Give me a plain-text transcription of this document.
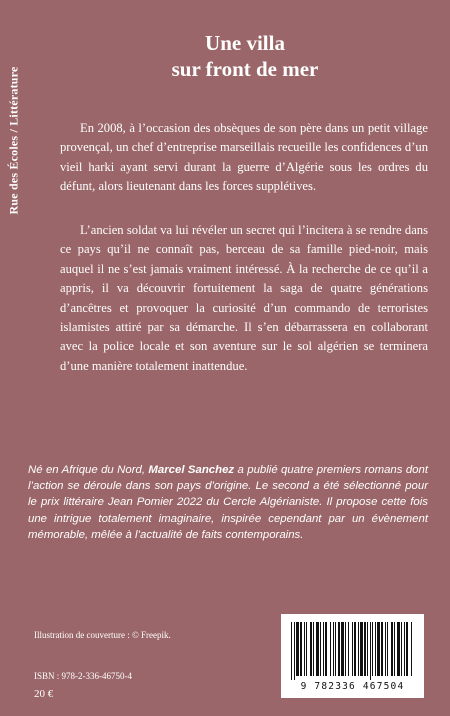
Rue des Écoles / Littérature
Une villa
sur front de mer

En 2008, à l’occasion des obsèques de son père dans un petit village provençal, un chef d’entreprise marseillais recueille les confidences d’un vieil harki ayant servi durant la guerre d’Algérie sous les ordres du défunt, alors lieutenant dans les forces supplétives.

L’ancien soldat va lui révéler un secret qui l’incitera à se rendre dans ce pays qu’il ne connaît pas, berceau de sa famille pied-noir, mais auquel il ne s’est jamais vraiment intéressé. À la recherche de ce qu’il a appris, il va découvrir fortuitement la saga de quatre générations d’ancêtres et provoquer la curiosité d’un commando de terroristes islamistes attiré par sa démarche. Il s’en débarrassera en collaborant avec la police locale et son aventure sur le sol algérien se terminera d’une manière totalement inattendue.

Né en Afrique du Nord, Marcel Sanchez a publié quatre premiers romans dont l’action se déroule dans son pays d’origine. Le second a été sélectionné pour le prix littéraire Jean Pomier 2022 du Cercle Algérianiste. Il propose cette fois une intrigue totalement imaginaire, inspirée cependant par un évènement mémorable, mêlée à l’actualité de faits contemporains.
Illustration de couverture : © Freepik.
ISBN : 978-2-336-46750-4
20 €
9 782336 467504
